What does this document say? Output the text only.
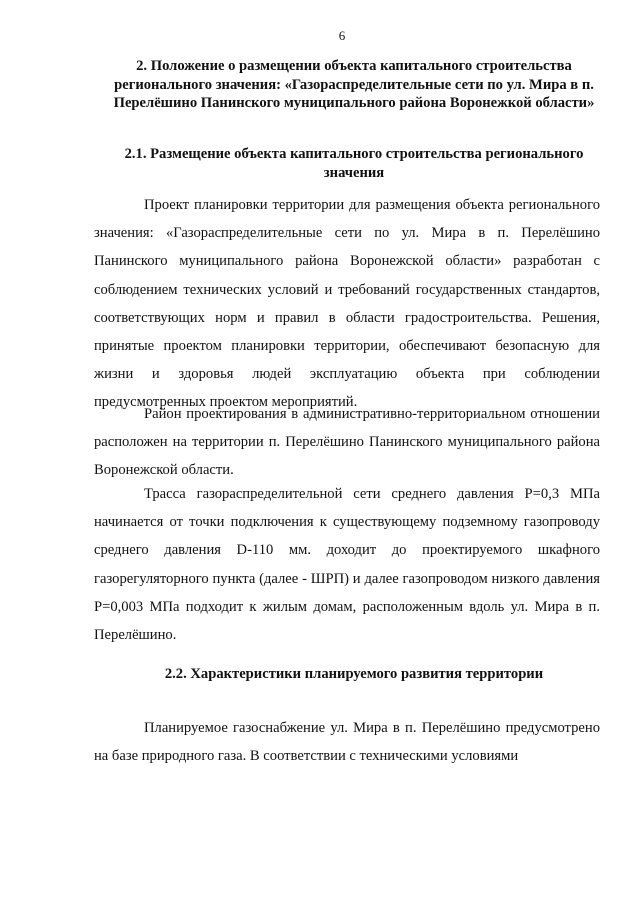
6
2. Положение о размещении объекта капитального строительства регионального значения: «Газораспределительные сети по ул. Мира в п. Перелёшино Панинского муниципального района Воронежкой области»
2.1. Размещение объекта капитального строительства регионального значения

Проект планировки территории для размещения объекта регионального значения: «Газораспределительные сети по ул. Мира в п. Перелёшино Панинского муниципального района Воронежской области» разработан с соблюдением технических условий и требований государственных стандартов, соответствующих норм и правил в области градостроительства. Решения, принятые проектом планировки территории, обеспечивают безопасную для жизни и здоровья людей эксплуатацию объекта при соблюдении предусмотренных проектом мероприятий.

Район проектирования в административно-территориальном отношении расположен на территории п. Перелёшино Панинского муниципального района Воронежской области.

Трасса газораспределительной сети среднего давления Р=0,3 МПа начинается от точки подключения к существующему подземному газопроводу среднего давления D-110 мм. доходит до проектируемого шкафного газорегуляторного пункта (далее - ШРП) и далее газопроводом низкого давления Р=0,003 МПа подходит к жилым домам, расположенным вдоль ул. Мира в п. Перелёшино.

2.2. Характеристики планируемого развития территории

Планируемое газоснабжение ул. Мира в п. Перелёшино предусмотрено на базе природного газа. В соответствии с техническими условиями
